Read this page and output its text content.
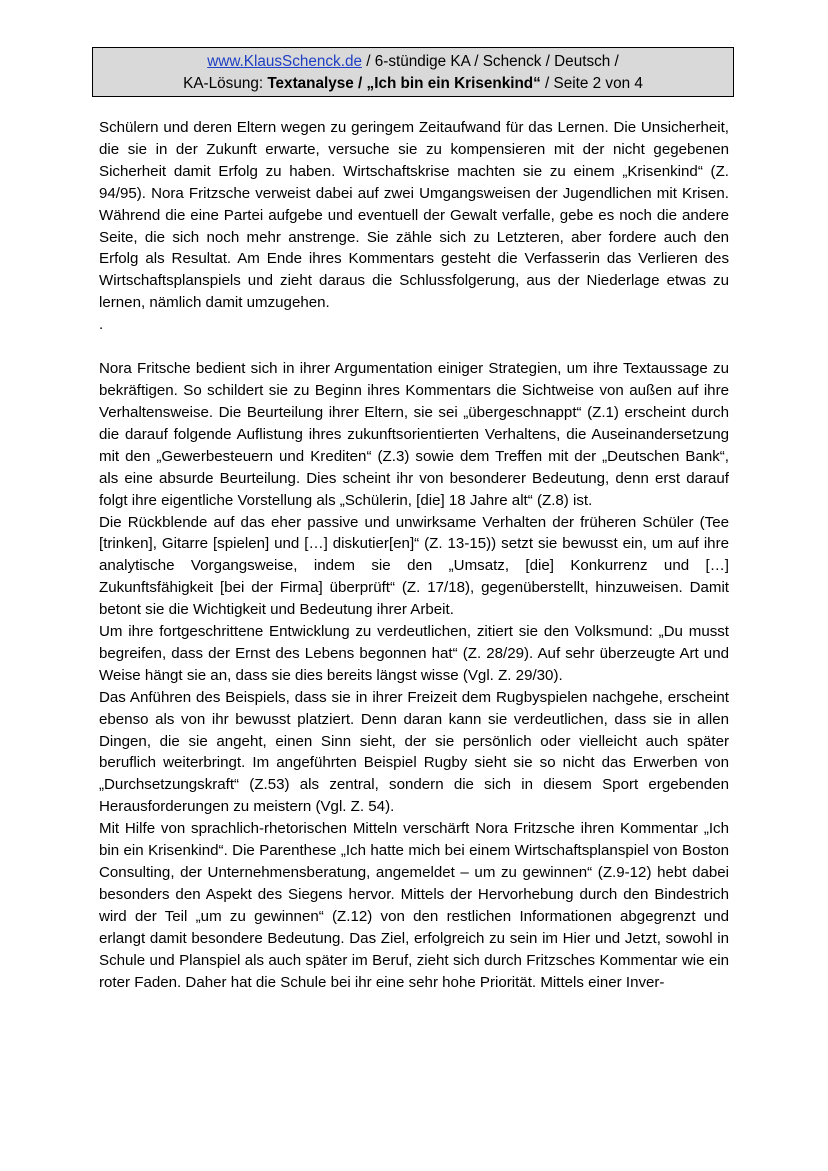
www.KlausSchenck.de / 6-stündige KA / Schenck / Deutsch /
KA-Lösung: Textanalyse / „Ich bin ein Krisenkind“ / Seite 2 von 4

Schülern und deren Eltern wegen zu geringem Zeitaufwand für das Lernen. Die Unsicherheit, die sie in der Zukunft erwarte, versuche sie zu kompensieren mit der nicht gegebenen Sicherheit damit Erfolg zu haben. Wirtschaftskrise machten sie zu einem „Krisenkind“ (Z. 94/95). Nora Fritzsche verweist dabei auf zwei Umgangsweisen der Jugendlichen mit Krisen. Während die eine Partei aufgebe und eventuell der Gewalt verfalle, gebe es noch die andere Seite, die sich noch mehr anstrenge. Sie zähle sich zu Letzteren, aber fordere auch den Erfolg als Resultat. Am Ende ihres Kommentars gesteht die Verfasserin das Verlieren des Wirtschaftsplanspiels und zieht daraus die Schlussfolgerung, aus der Niederlage etwas zu lernen, nämlich damit umzugehen.

.

Nora Fritsche bedient sich in ihrer Argumentation einiger Strategien, um ihre Textaussage zu bekräftigen. So schildert sie zu Beginn ihres Kommentars die Sichtweise von außen auf ihre Verhaltensweise. Die Beurteilung ihrer Eltern, sie sei „übergeschnappt“ (Z.1) erscheint durch die darauf folgende Auflistung ihres zukunftsorientierten Verhaltens, die Auseinandersetzung mit den „Gewerbesteuern und Krediten“ (Z.3) sowie dem Treffen mit der „Deutschen Bank“, als eine absurde Beurteilung. Dies scheint ihr von besonderer Bedeutung, denn erst darauf folgt ihre eigentliche Vorstellung als „Schülerin, [die] 18 Jahre alt“ (Z.8) ist.

Die Rückblende auf das eher passive und unwirksame Verhalten der früheren Schüler (Tee [trinken], Gitarre [spielen] und […] diskutier[en]“ (Z. 13-15)) setzt sie bewusst ein, um auf ihre analytische Vorgangsweise, indem sie den „Umsatz, [die] Konkurrenz und […] Zukunftsfähigkeit [bei der Firma] überprüft“ (Z. 17/18), gegenüberstellt, hinzuweisen. Damit betont sie die Wichtigkeit und Bedeutung ihrer Arbeit.

Um ihre fortgeschrittene Entwicklung zu verdeutlichen, zitiert sie den Volksmund: „Du musst begreifen, dass der Ernst des Lebens begonnen hat“ (Z. 28/29). Auf sehr überzeugte Art und Weise hängt sie an, dass sie dies bereits längst wisse (Vgl. Z. 29/30).

Das Anführen des Beispiels, dass sie in ihrer Freizeit dem Rugbyspielen nachgehe, erscheint ebenso als von ihr bewusst platziert. Denn daran kann sie verdeutlichen, dass sie in allen Dingen, die sie angeht, einen Sinn sieht, der sie persönlich oder vielleicht auch später beruflich weiterbringt. Im angeführten Beispiel Rugby sieht sie so nicht das Erwerben von „Durchsetzungskraft“ (Z.53) als zentral, sondern die sich in diesem Sport ergebenden Herausforderungen zu meistern (Vgl. Z. 54).

Mit Hilfe von sprachlich-rhetorischen Mitteln verschärft Nora Fritzsche ihren Kommentar „Ich bin ein Krisenkind“. Die Parenthese „Ich hatte mich bei einem Wirtschaftsplanspiel von Boston Consulting, der Unternehmensberatung, angemeldet – um zu gewinnen“ (Z.9-12) hebt dabei besonders den Aspekt des Siegens hervor. Mittels der Hervorhebung durch den Bindestrich wird der Teil „um zu gewinnen“ (Z.12) von den restlichen Informationen abgegrenzt und erlangt damit besondere Bedeutung. Das Ziel, erfolgreich zu sein im Hier und Jetzt, sowohl in Schule und Planspiel als auch später im Beruf, zieht sich durch Fritzsches Kommentar wie ein roter Faden. Daher hat die Schule bei ihr eine sehr hohe Priorität. Mittels einer Inver-
